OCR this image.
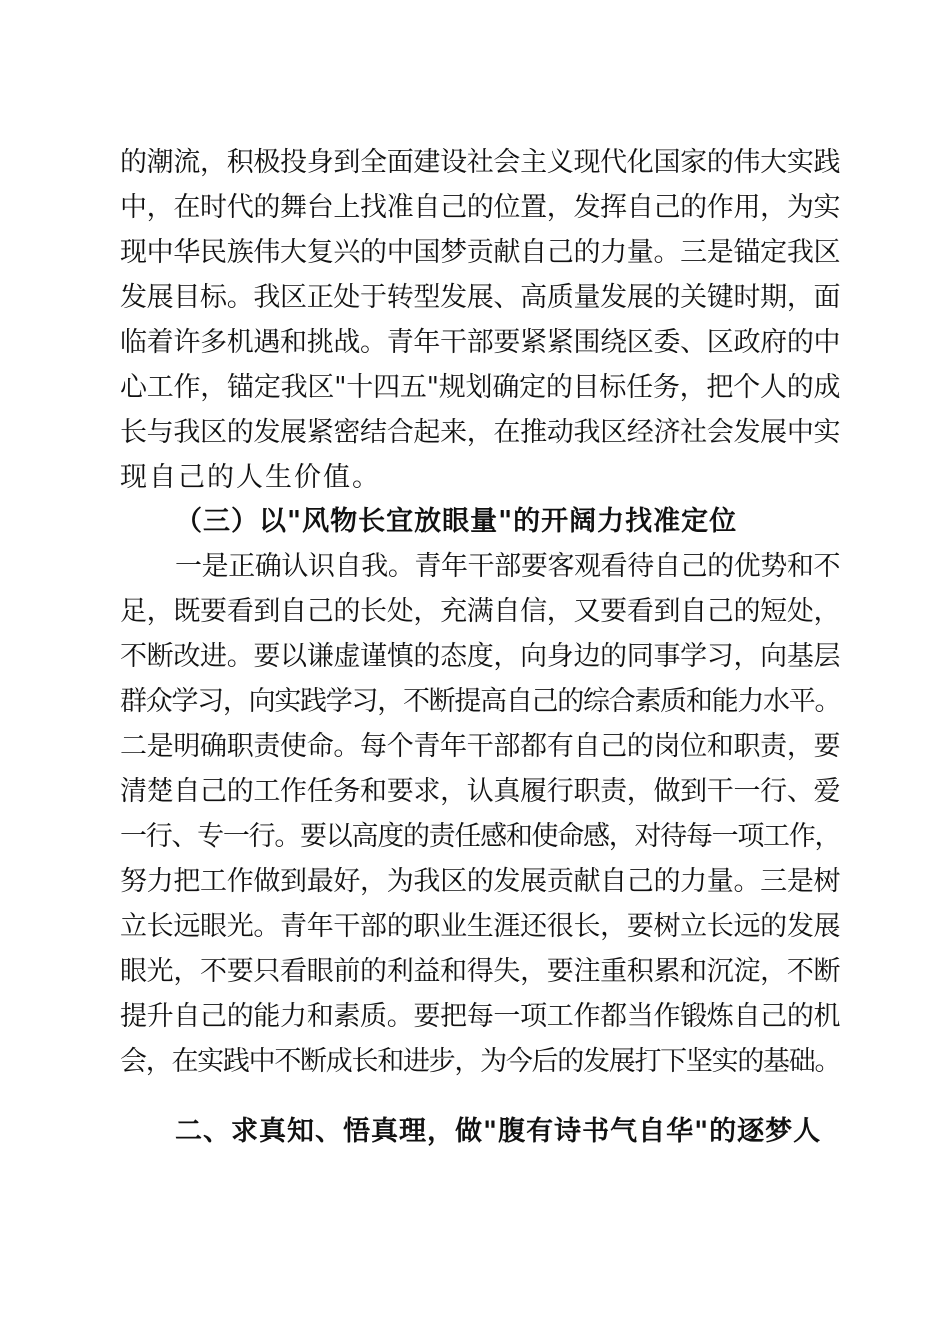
的潮流，积极投身到全面建设社会主义现代化国家的伟大实践
中，在时代的舞台上找准自己的位置，发挥自己的作用，为实
现中华民族伟大复兴的中国梦贡献自己的力量。三是锚定我区
发展目标。我区正处于转型发展、高质量发展的关键时期，面
临着许多机遇和挑战。青年干部要紧紧围绕区委、区政府的中
心工作，锚定我区"十四五"规划确定的目标任务，把个人的成
长与我区的发展紧密结合起来，在推动我区经济社会发展中实
现自己的人生价值。
（三）以"风物长宜放眼量"的开阔力找准定位
一是正确认识自我。青年干部要客观看待自己的优势和不
足，既要看到自己的长处，充满自信，又要看到自己的短处，
不断改进。要以谦虚谨慎的态度，向身边的同事学习，向基层
群众学习，向实践学习，不断提高自己的综合素质和能力水平。
二是明确职责使命。每个青年干部都有自己的岗位和职责，要
清楚自己的工作任务和要求，认真履行职责，做到干一行、爱
一行、专一行。要以高度的责任感和使命感，对待每一项工作，
努力把工作做到最好，为我区的发展贡献自己的力量。三是树
立长远眼光。青年干部的职业生涯还很长，要树立长远的发展
眼光，不要只看眼前的利益和得失，要注重积累和沉淀，不断
提升自己的能力和素质。要把每一项工作都当作锻炼自己的机
会，在实践中不断成长和进步，为今后的发展打下坚实的基础。
二、求真知、悟真理，做"腹有诗书气自华"的逐梦人
